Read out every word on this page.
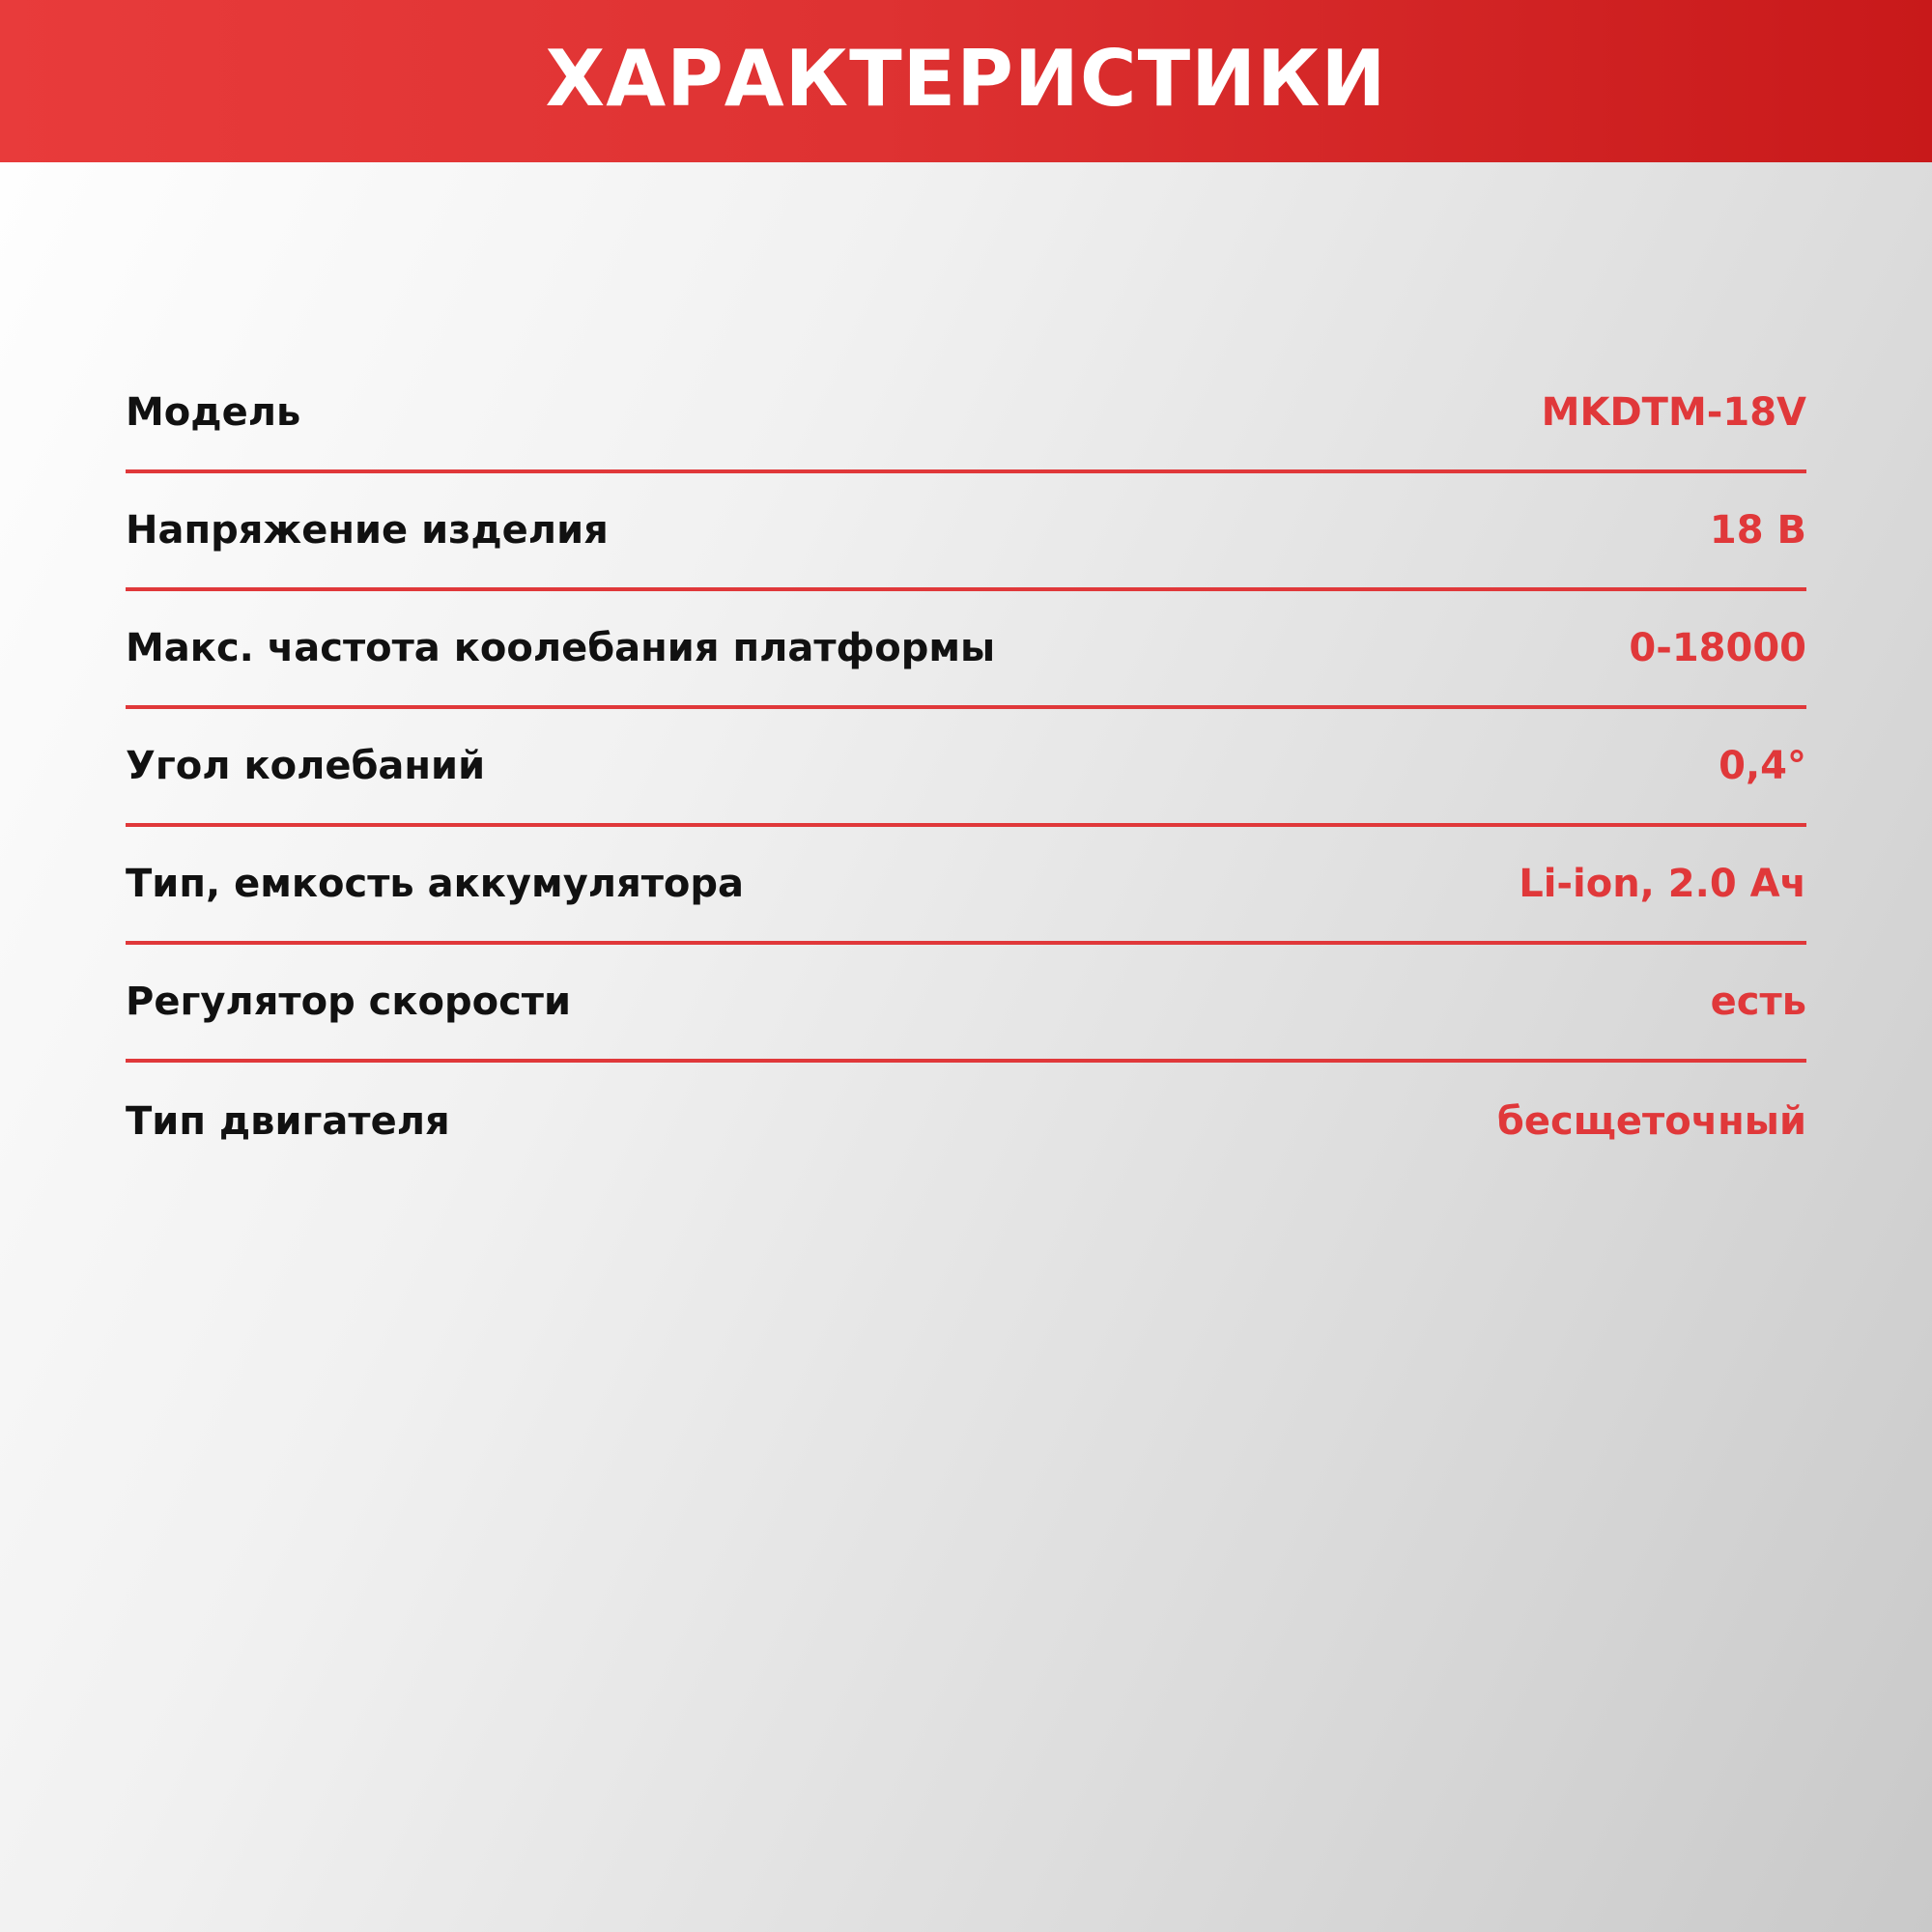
ХАРАКТЕРИСТИКИ
Модель	MKDTM-18V
Напряжение изделия	18 В
Макс. частота коолебания платформы	0-18000
Угол колебаний	0,4°
Тип, емкость аккумулятора	Li-ion, 2.0 Ач
Регулятор скорости	есть
Тип двигателя	бесщеточный
